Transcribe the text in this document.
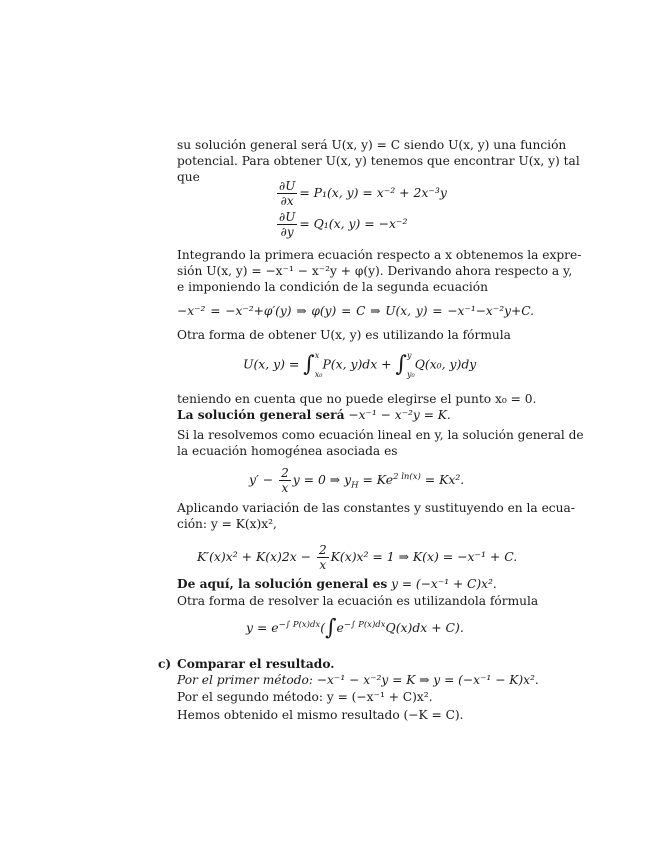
su solución general será U(x, y) = C siendo U(x, y) una función
potencial. Para obtener U(x, y) tenemos que encontrar U(x, y) tal
que
$\frac{\partial U}{\partial x} = P_1(x$, y) = x⁻² + 2x⁻³y
$\frac{\partial U}{\partial y} = Q_1(x$, y) = −x⁻²
Integrando la primera ecuación respecto a x obtenemos la expre-
sión U(x, y) = −x⁻¹ − x⁻²y + φ(y). Derivando ahora respecto a y,
e imponiendo la condición de la segunda ecuación
−x⁻² = −x⁻²+φ′(y) ⇒ φ(y) = C ⇒ U(x, y) = −x⁻¹−x⁻²y+C.
Otra forma de obtener U(x, y) es utilizando la fórmula
U(x, y) = ∫ x
x₀
P(x, y)dx + ∫ y
y₀
Q(x₀, y)dy
teniendo en cuenta que no puede elegirse el punto x₀ = 0.
La solución general será −x⁻¹ − x⁻²y = K.
Si la resolvemos como ecuación lineal en y, la solución general de
la ecuación homogénea asociada es
$y' - \frac{2}{x}$ y = 0 ⇒ $y_H = Ke^{2 ln(x)} = Kx^2$.
Aplicando variación de las constantes y sustituyendo en la ecua-
ción: y = K(x)x²,
$K'(x)x^2 + K(x)2x - \frac{2}{x} K(x)x^2 = 1$ ⇒ K(x) = −x⁻¹ + C.
De aquí, la solución general es y = (−x⁻¹ + C)x².
Otra forma de resolver la ecuación es utilizandola fórmula
$y = e^{-\int P(x)dx}(\int e^{-\int P(x)dx}Q(x)dx + C)$.
c) Comparar el resultado.
Por el primer método: −x⁻¹ − x⁻²y = K ⇒ y = (−x⁻¹ − K)x².
Por el segundo método: y = (−x⁻¹ + C)x².
Hemos obtenido el mismo resultado (−K = C).
